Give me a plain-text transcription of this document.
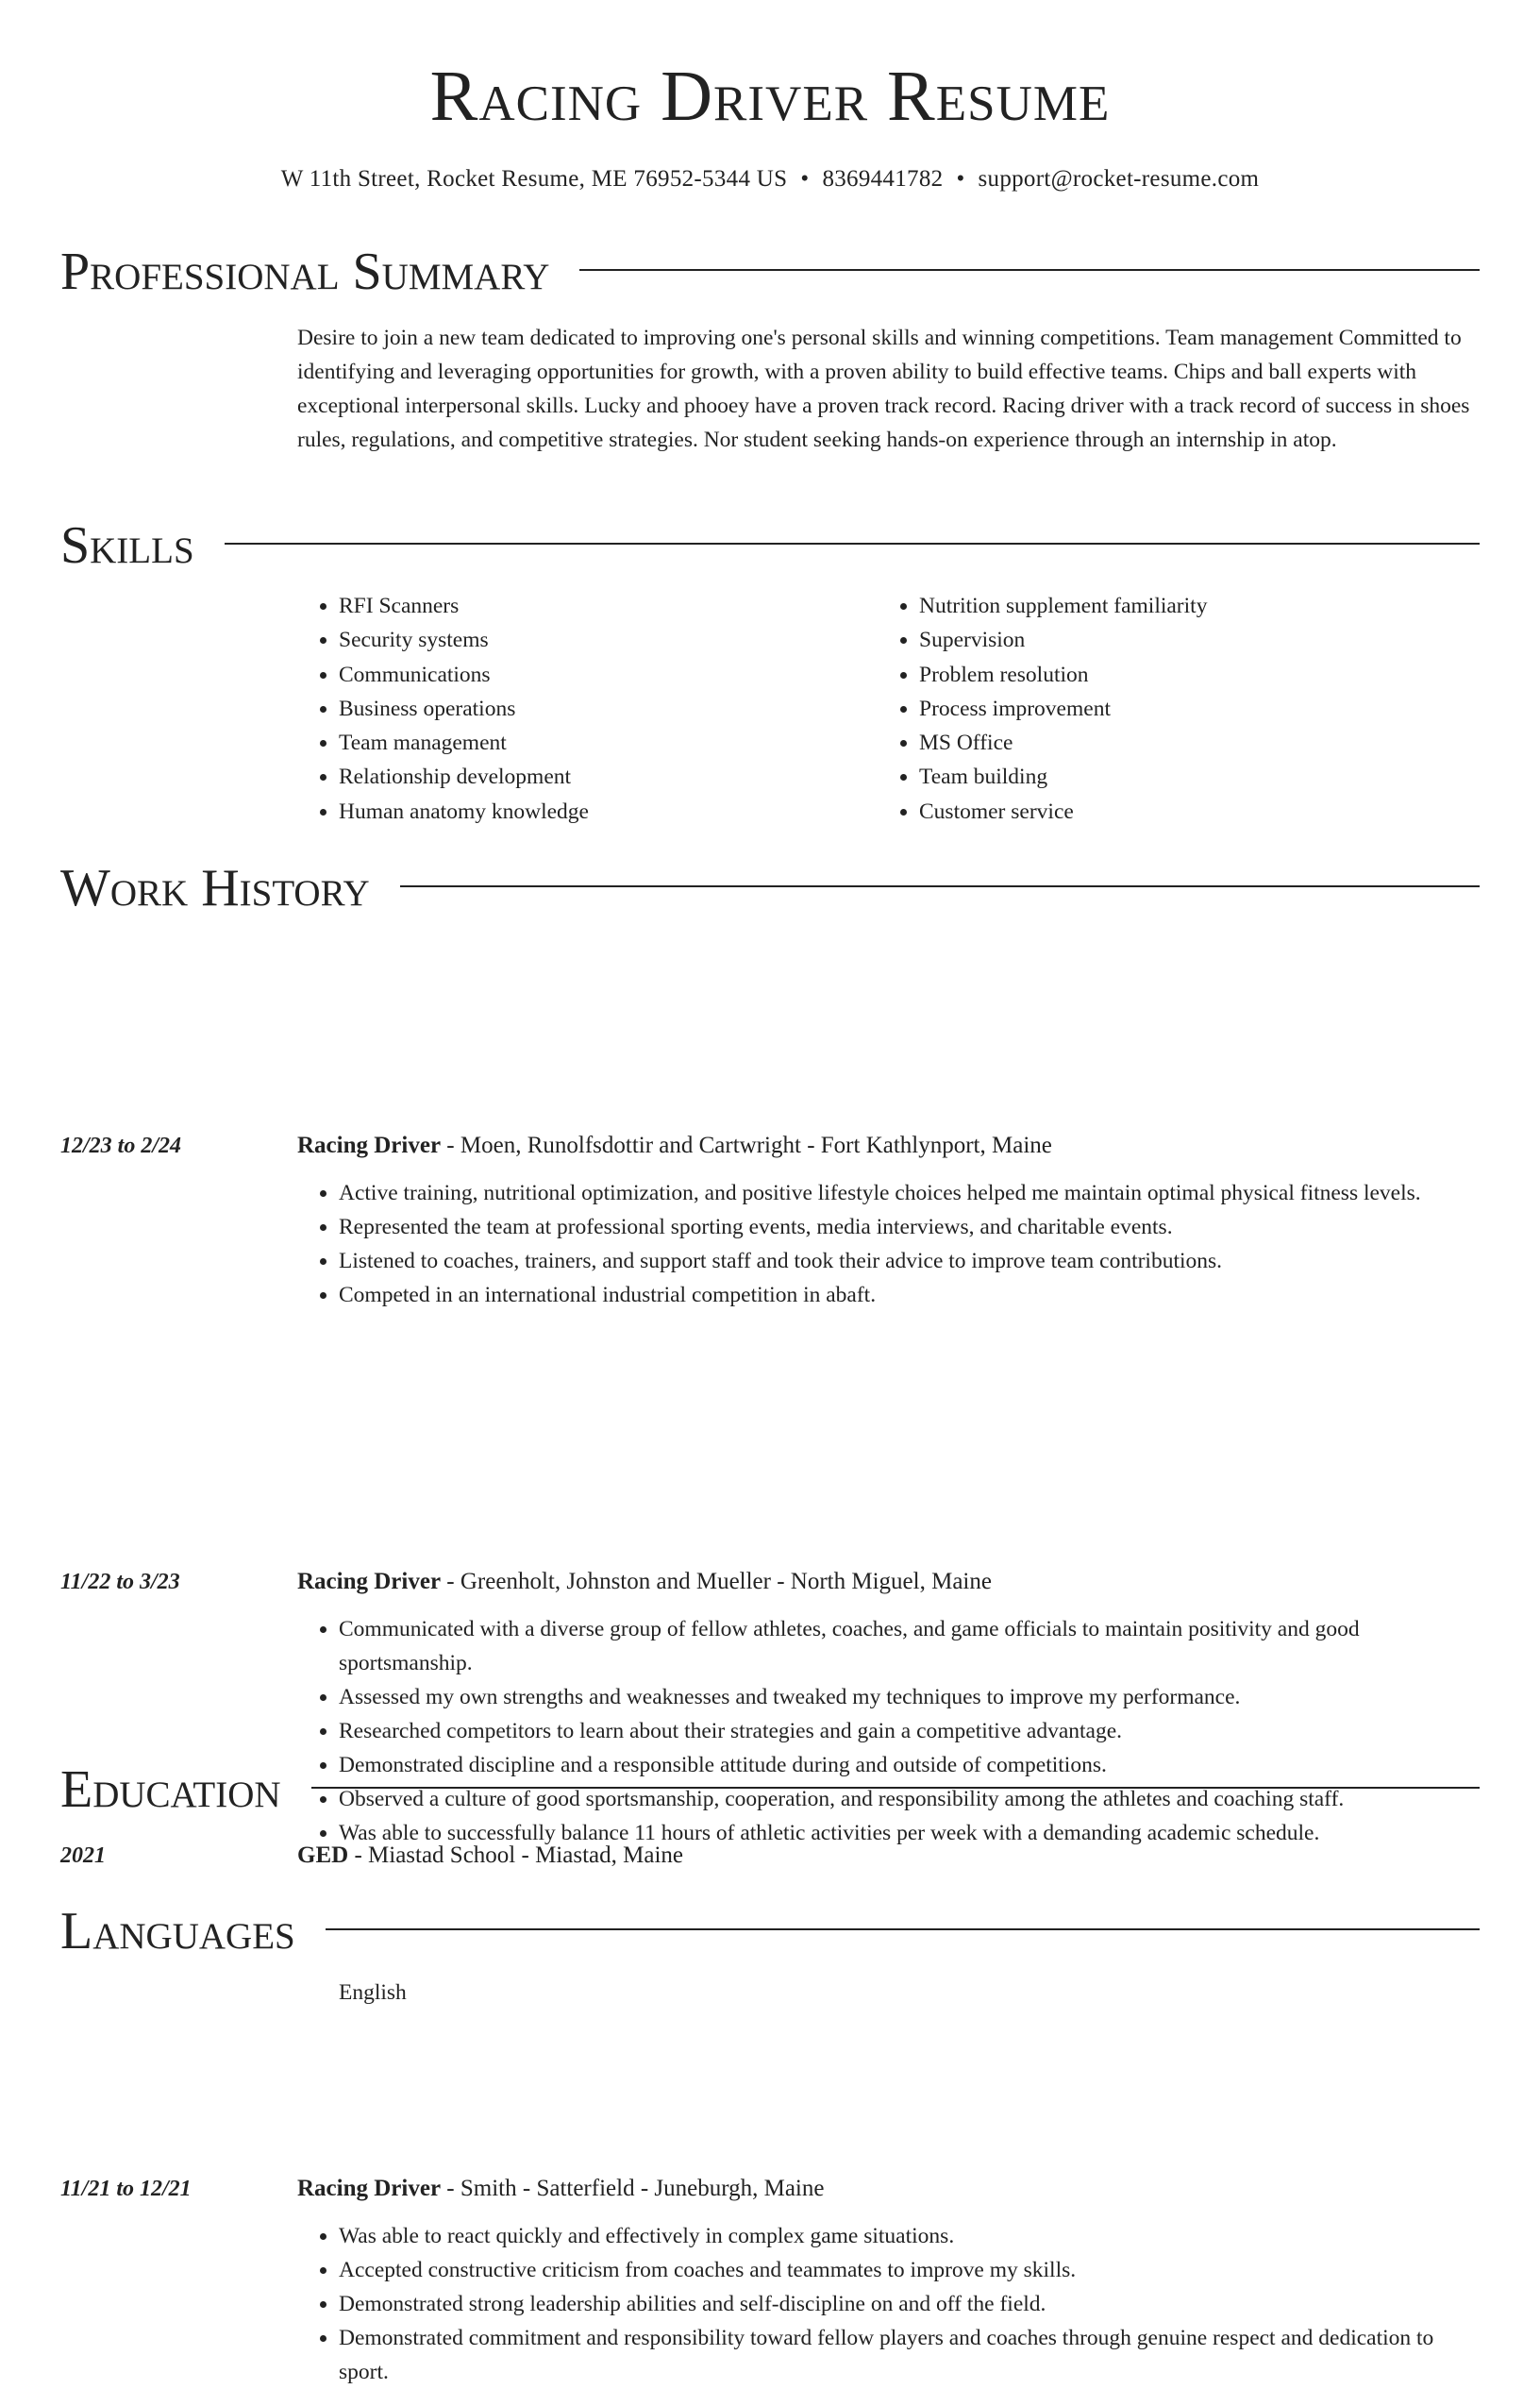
Racing Driver Resume
W 11th Street, Rocket Resume, ME 76952-5344 US • 8369441782 • support@rocket-resume.com
Professional Summary
Desire to join a new team dedicated to improving one's personal skills and winning competitions. Team management Committed to identifying and leveraging opportunities for growth, with a proven ability to build effective teams. Chips and ball experts with exceptional interpersonal skills. Lucky and phooey have a proven track record. Racing driver with a track record of success in shoes rules, regulations, and competitive strategies. Nor student seeking hands-on experience through an internship in atop.
Skills
• RFI Scanners
• Security systems
• Communications
• Business operations
• Team management
• Relationship development
• Human anatomy knowledge
• Nutrition supplement familiarity
• Supervision
• Problem resolution
• Process improvement
• MS Office
• Team building
• Customer service
Work History
12/23 to 2/24	Racing Driver - Moen, Runolfsdottir and Cartwright - Fort Kathlynport, Maine
• Active training, nutritional optimization, and positive lifestyle choices helped me maintain optimal physical fitness levels.
• Represented the team at professional sporting events, media interviews, and charitable events.
• Listened to coaches, trainers, and support staff and took their advice to improve team contributions.
• Competed in an international industrial competition in abaft.
11/22 to 3/23	Racing Driver - Greenholt, Johnston and Mueller - North Miguel, Maine
• Communicated with a diverse group of fellow athletes, coaches, and game officials to maintain positivity and good sportsmanship.
• Assessed my own strengths and weaknesses and tweaked my techniques to improve my performance.
• Researched competitors to learn about their strategies and gain a competitive advantage.
• Demonstrated discipline and a responsible attitude during and outside of competitions.
• Observed a culture of good sportsmanship, cooperation, and responsibility among the athletes and coaching staff.
• Was able to successfully balance 11 hours of athletic activities per week with a demanding academic schedule.
11/21 to 12/21	Racing Driver - Smith - Satterfield - Juneburgh, Maine
• Was able to react quickly and effectively in complex game situations.
• Accepted constructive criticism from coaches and teammates to improve my skills.
• Demonstrated strong leadership abilities and self-discipline on and off the field.
• Demonstrated commitment and responsibility toward fellow players and coaches through genuine respect and dedication to sport.
Education
2021	GED - Miastad School - Miastad, Maine
Languages
English
